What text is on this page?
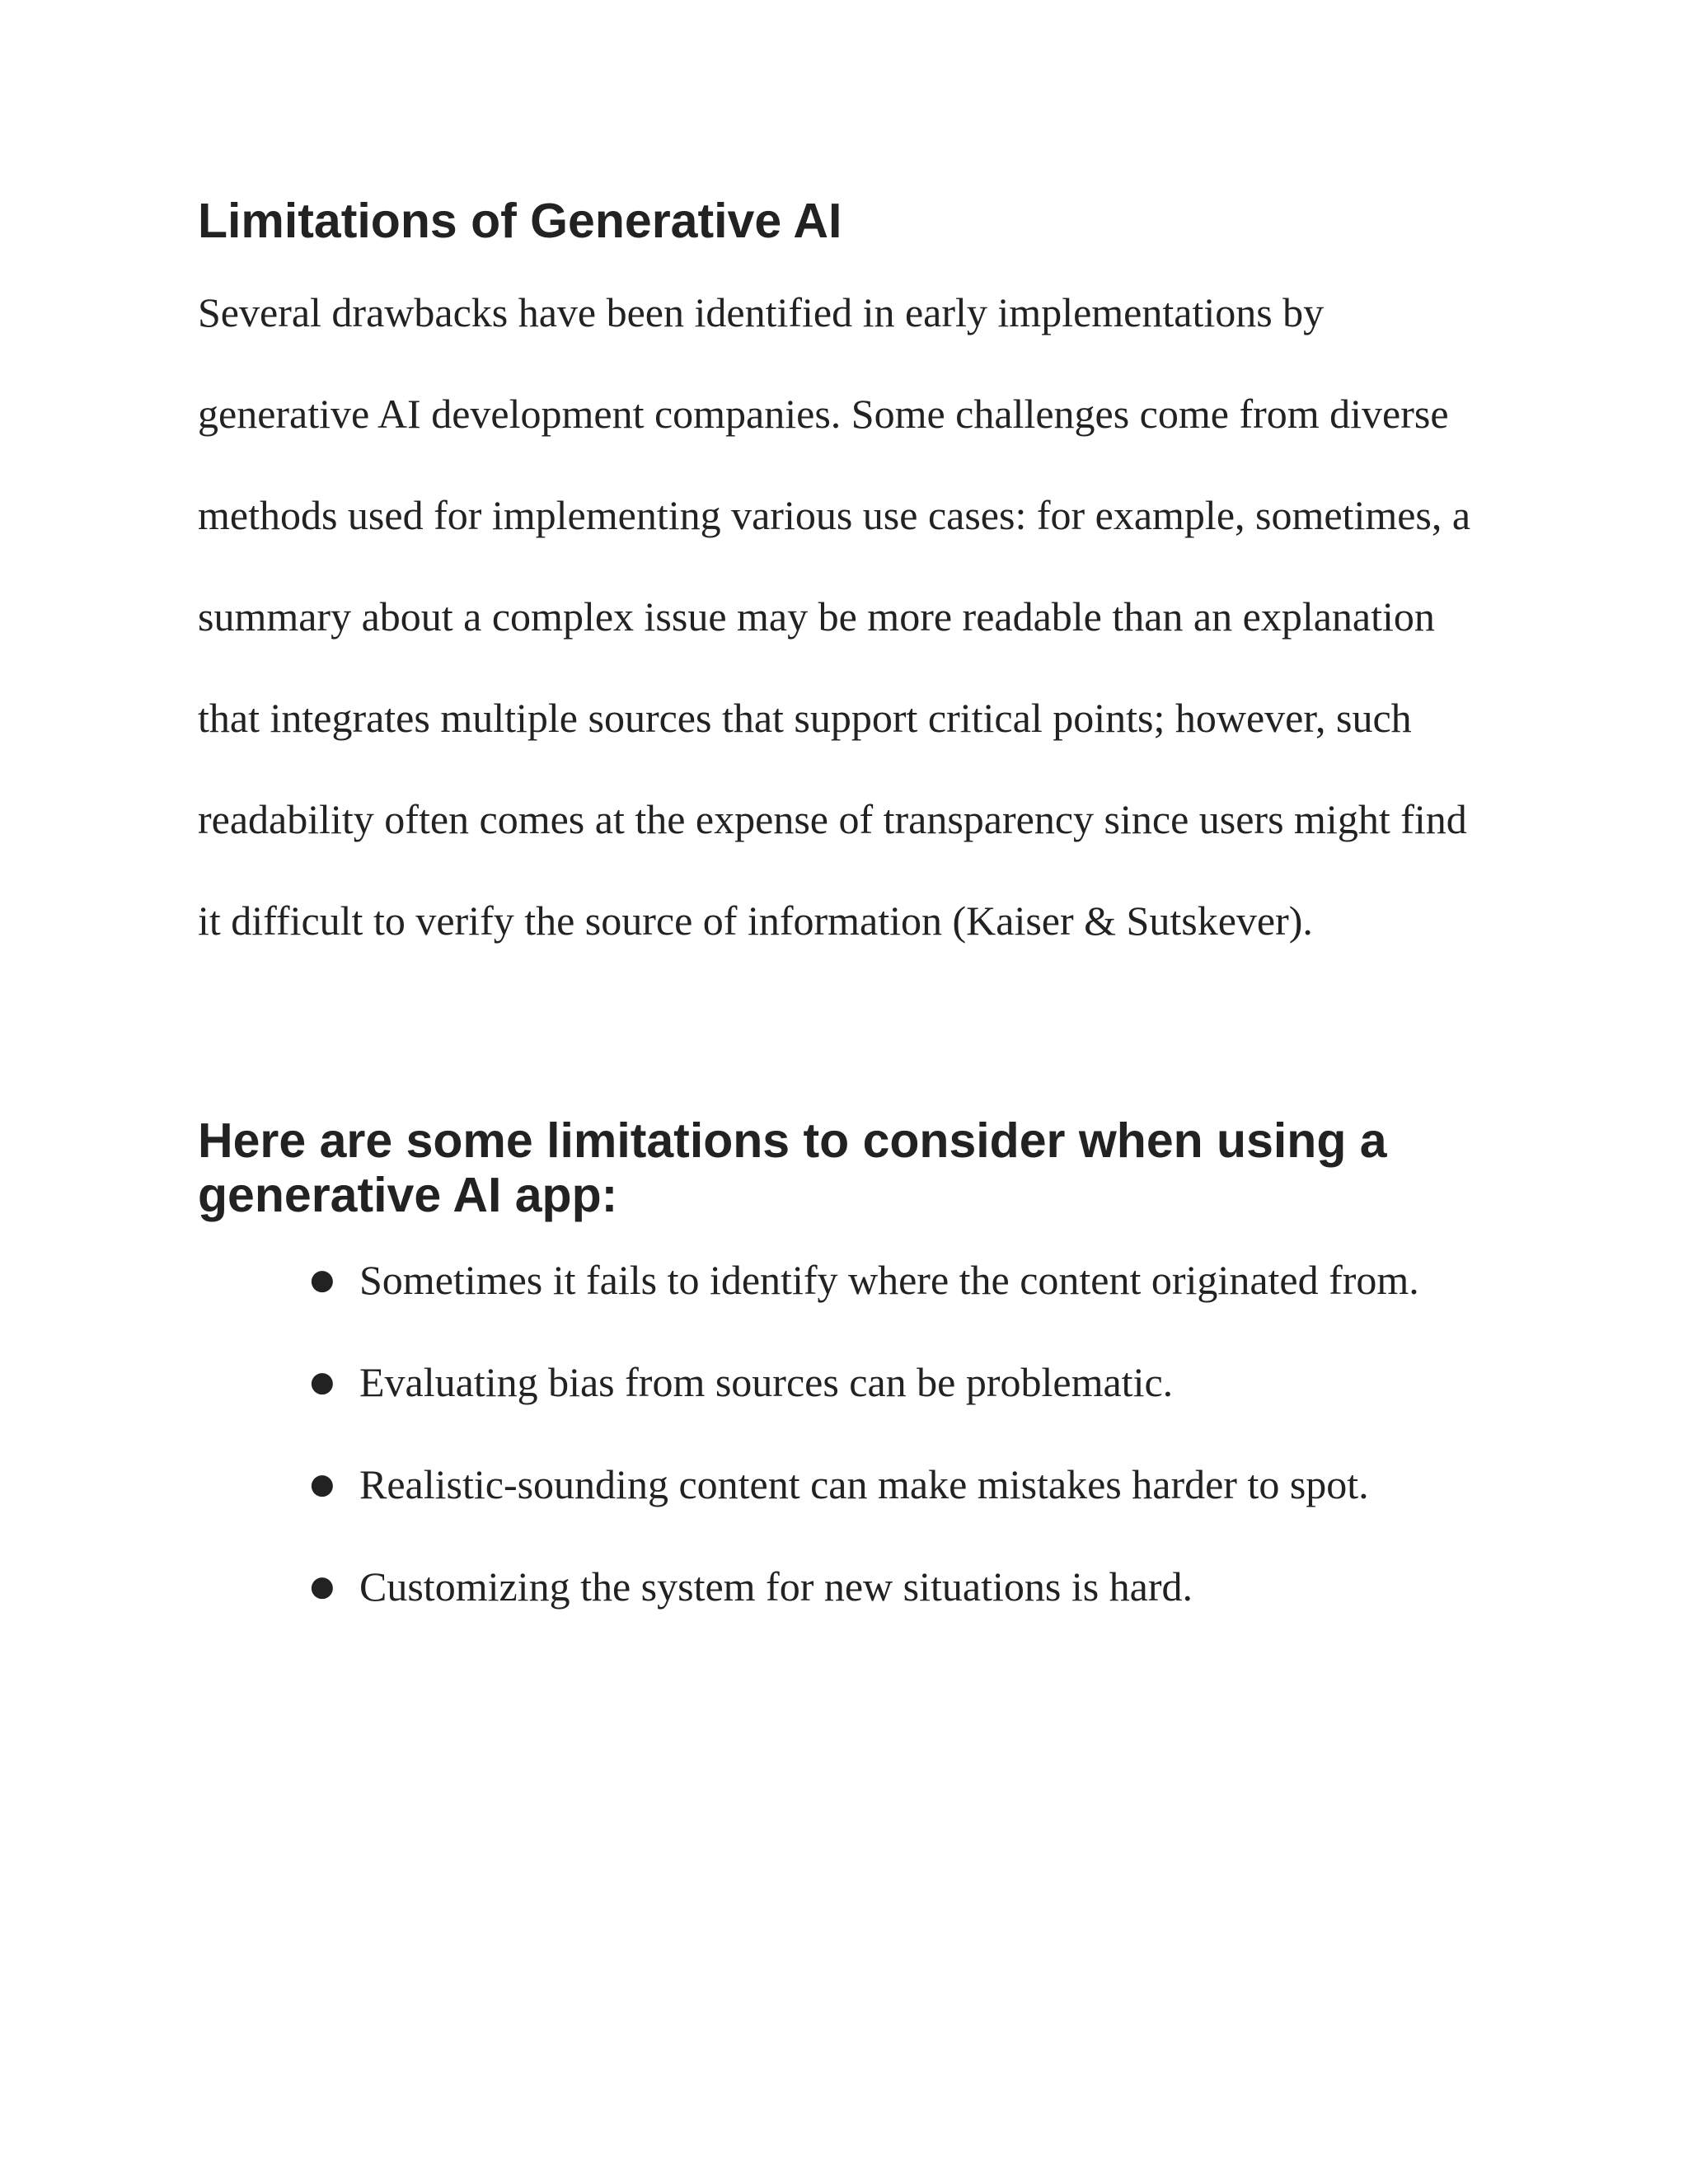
Limitations of Generative AI

Several drawbacks have been identified in early implementations by generative AI development companies. Some challenges come from diverse methods used for implementing various use cases: for example, sometimes, a summary about a complex issue may be more readable than an explanation that integrates multiple sources that support critical points; however, such readability often comes at the expense of transparency since users might find it difficult to verify the source of information (Kaiser & Sutskever).

Here are some limitations to consider when using a generative AI app:
● Sometimes it fails to identify where the content originated from.
● Evaluating bias from sources can be problematic.
● Realistic-sounding content can make mistakes harder to spot.
● Customizing the system for new situations is hard.
